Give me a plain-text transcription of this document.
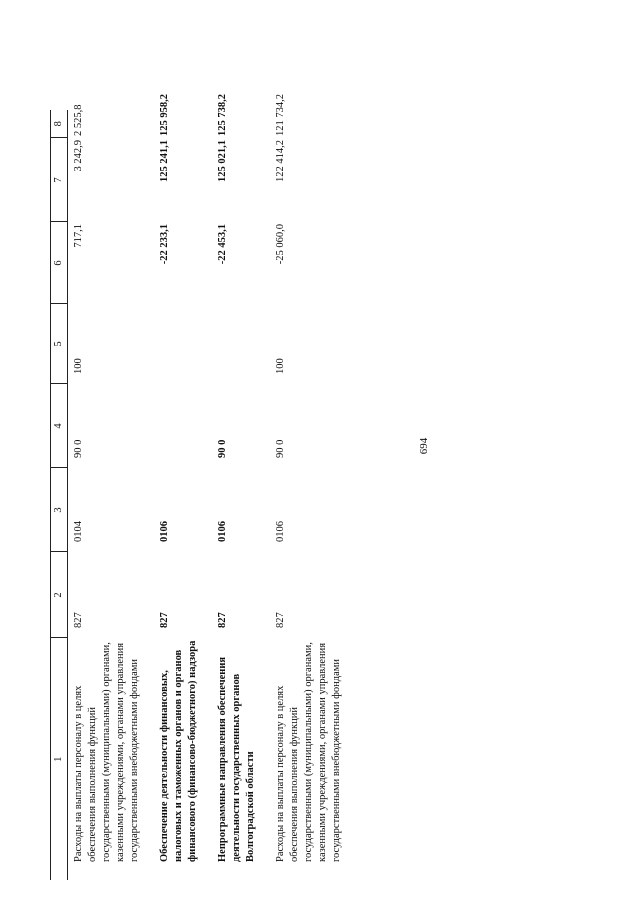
694
1	2	3	4	5	6	7	8
Расходы на выплаты персоналу в целях обеспечения выполнения функций государственными (муниципальными) органами, казенными учреждениями, органами управления государственными внебюджетными фондами	827	0104	90 0	100	717,1	3 242,9	2 525,8
Обеспечение деятельности финансовых, налоговых и таможенных органов и органов финансового (финансово-бюджетного) надзора	827	0106			-22 233,1	125 241,1	125 958,2
Непрограммные направления обеспечения деятельности государственных органов Волгоградской области	827	0106	90 0		-22 453,1	125 021,1	125 738,2
Расходы на выплаты персоналу в целях обеспечения выполнения функций государственными (муниципальными) органами, казенными учреждениями, органами управления государственными внебюджетными фондами	827	0106	90 0	100	-25 060,0	122 414,2	121 734,2
